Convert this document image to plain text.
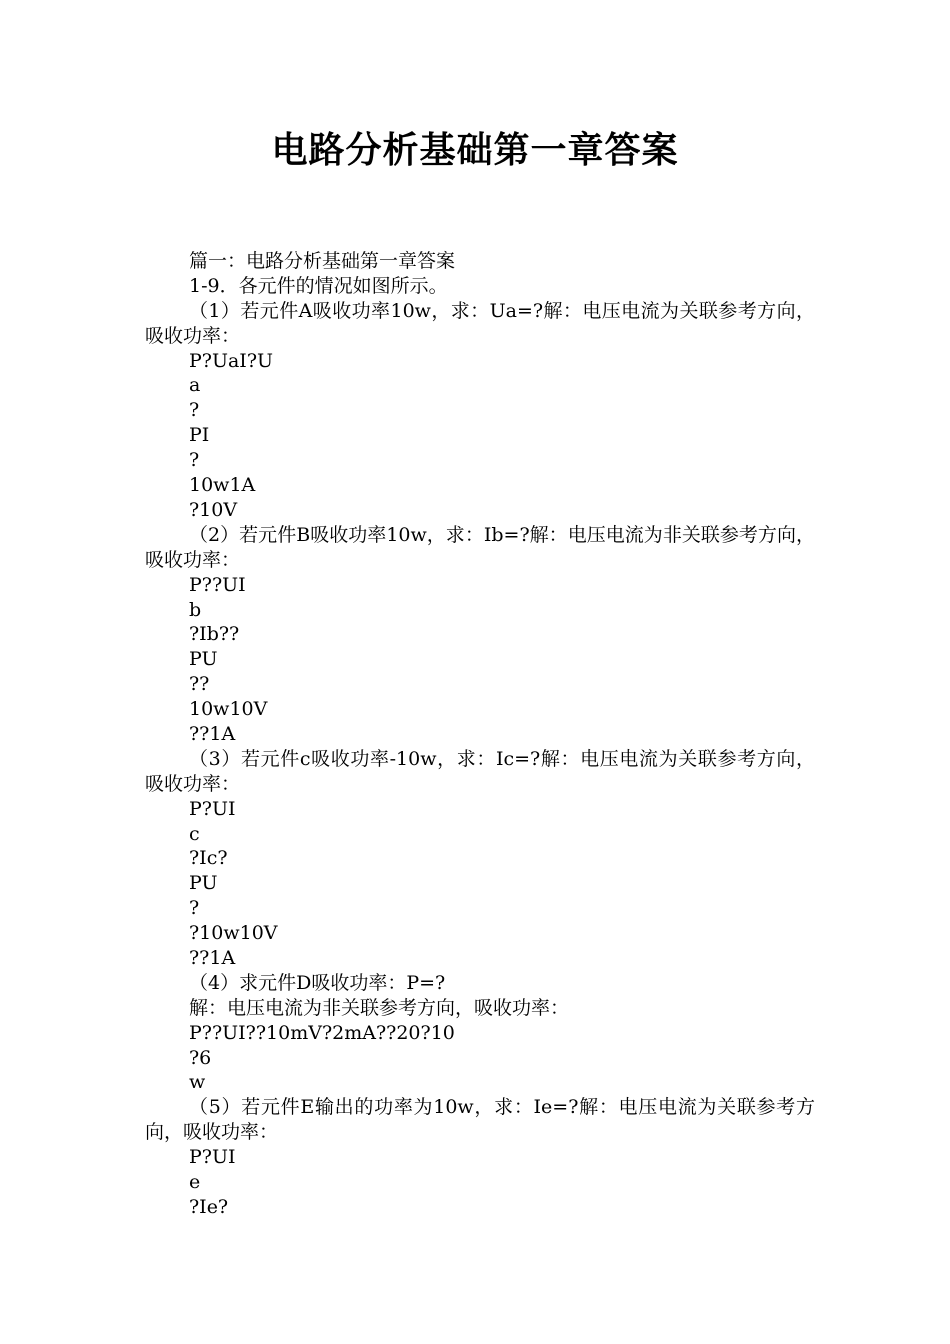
电路分析基础第一章答案

篇一：电路分析基础第一章答案

1-9．各元件的情况如图所示。

（1）若元件A吸收功率10w，求：Ua=?解：电压电流为关联参考方向，吸收功率：

P?UaI?U

a

?

PI

?

10w1A

?10V

（2）若元件B吸收功率10w，求：Ib=?解：电压电流为非关联参考方向，吸收功率：

P??UI

b

?Ib??

PU

??

10w10V

??1A

（3）若元件c吸收功率-10w，求：Ic=?解：电压电流为关联参考方向，吸收功率：

P?UI

c

?Ic?

PU

?

?10w10V

??1A

（4）求元件D吸收功率：P=?

解：电压电流为非关联参考方向，吸收功率：

P??UI??10mV?2mA??20?10

?6

w

（5）若元件E输出的功率为10w，求：Ie=?解：电压电流为关联参考方向，吸收功率：

P?UI

e

?Ie?
